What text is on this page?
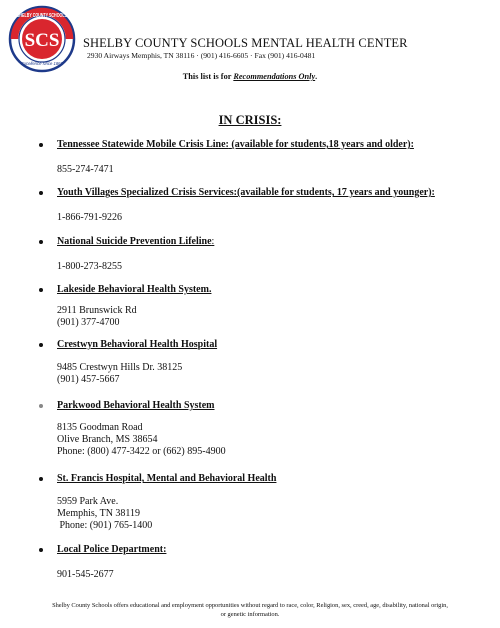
SCS
Excellence since 1867
SHELBY COUNTY SCHOOLS
SHELBY COUNTY SCHOOLS MENTAL HEALTH CENTER
2930 Airways Memphis, TN 38116 · (901) 416-6605 · Fax (901) 416-0481
This list is for Recommendations Only.
IN CRISIS:
Tennessee Statewide Mobile Crisis Line: (available for students,18 years and older):
855-274-7471
Youth Villages Specialized Crisis Services:(available for students, 17 years and younger):
1-866-791-9226
National Suicide Prevention Lifeline:
1-800-273-8255
Lakeside Behavioral Health System.
2911 Brunswick Rd
(901) 377-4700
Crestwyn Behavioral Health Hospital
9485 Crestwyn Hills Dr. 38125
(901) 457-5667
Parkwood Behavioral Health System
8135 Goodman Road
Olive Branch, MS 38654
Phone: (800) 477-3422 or (662) 895-4900
St. Francis Hospital, Mental and Behavioral Health
5959 Park Ave.
Memphis, TN 38119
Phone: (901) 765-1400
Local Police Department:
901-545-2677
Shelby County Schools offers educational and employment opportunities without regard to race, color, Religion, sex, creed, age, disability, national origin,
or genetic information.
